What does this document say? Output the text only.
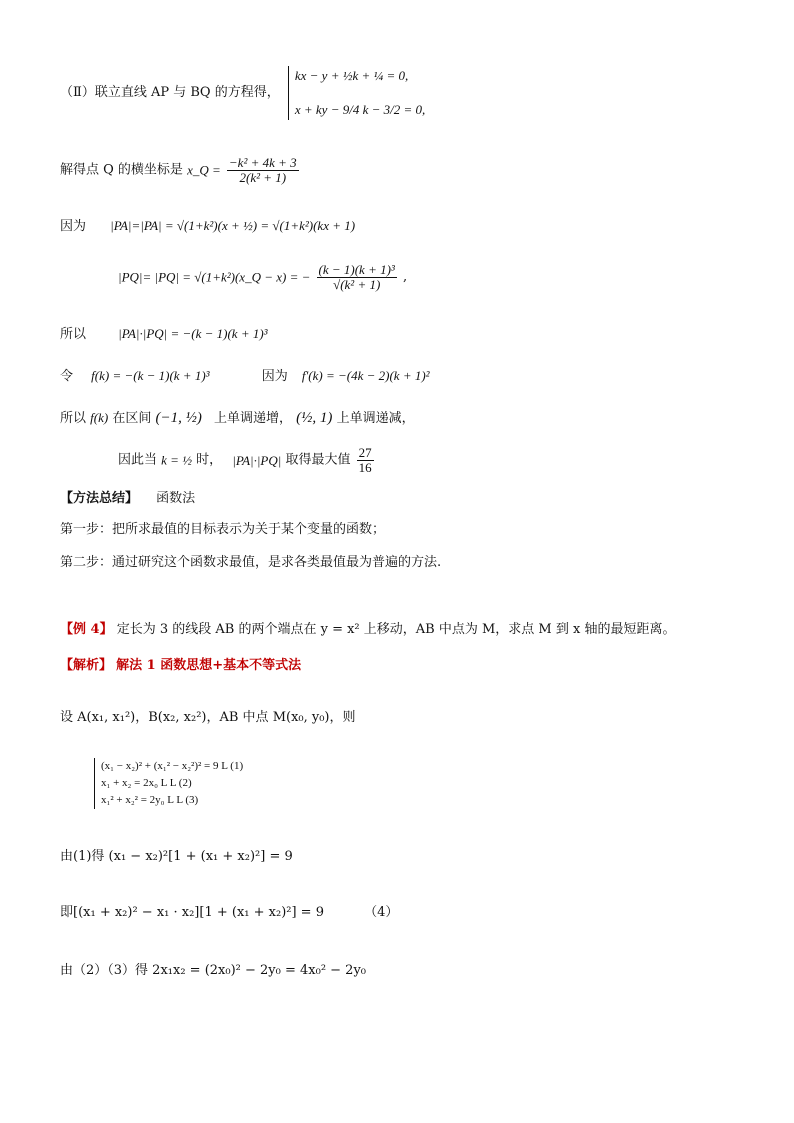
（Ⅱ）联立直线 AP 与 BQ 的方程得，
kx − y + ½k + ¼ = 0,
x + ky − 9/4 k − 3/2 = 0,
解得点 Q 的横坐标是 x_Q = $\frac{\text{−k² + 4k + 3}}{\text{2(k² + 1)}}$
因为 |PA|=|PA| = √(1+k²)(x + ½) = √(1+k²)(kx + 1)
|PQ|= |PQ| = √(1+k²)(x_Q − x) = − $\frac{\text{(k − 1)(k + 1)³}}{\text{√(k² + 1)}}$ ,
所以 |PA|·|PQ| = −(k − 1)(k + 1)³
令 f(k) = −(k − 1)(k + 1)³	因为 f′(k) = −(4k − 2)(k + 1)²
所以 f(k) 在区间 (−1, ½) 上单调递增， (½, 1) 上单调递减，
因此当 k = ½ 时， |PA|·|PQ| 取得最大值 $\frac{27}{16}$
【方法总结】 函数法
第一步：把所求最值的目标表示为关于某个变量的函数；
第二步：通过研究这个函数求最值，是求各类最值最为普遍的方法.
【例 4】 定长为 3 的线段 AB 的两个端点在 y = x² 上移动，AB 中点为 M，求点 M 到 x 轴的最短距离。
【解析】 解法 1 函数思想+基本不等式法
设 A(x₁, x₁²)，B(x₂, x₂²)，AB 中点 M(x₀, y₀)，则
(x₁ − x₂)² + (x₁² − x₂²)² = 9 L (1)
x₁ + x₂ = 2x₀ L L (2)
x₁² + x₂² = 2y₀ L L (3)
由(1)得 (x₁ − x₂)²[1 + (x₁ + x₂)²] = 9
即[(x₁ + x₂)² − x₁ · x₂][1 + (x₁ + x₂)²] = 9	（4）
由（2）（3）得 2x₁x₂ = (2x₀)² − 2y₀ = 4x₀² − 2y₀
